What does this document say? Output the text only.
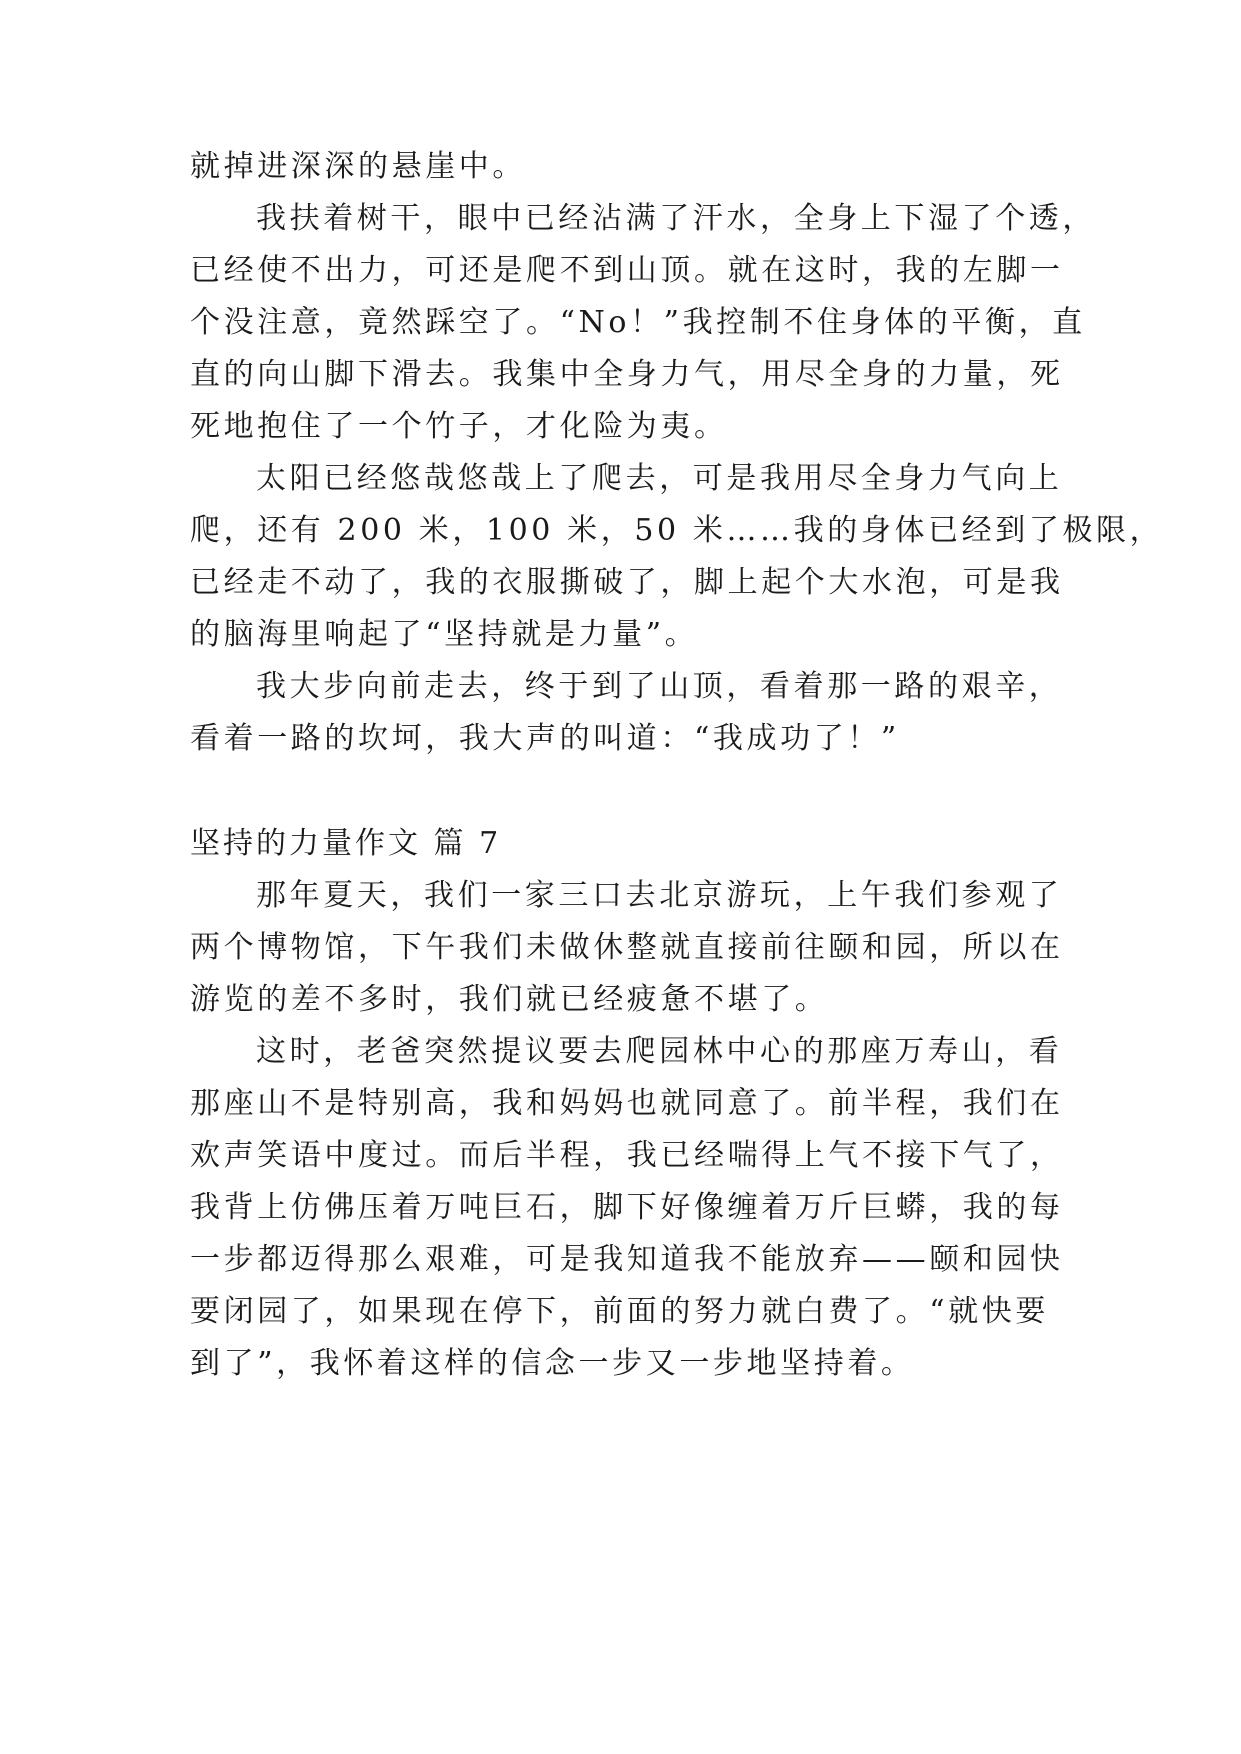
就掉进深深的悬崖中。
我扶着树干，眼中已经沾满了汗水，全身上下湿了个透，
已经使不出力，可还是爬不到山顶。就在这时，我的左脚一
个没注意，竟然踩空了。“No！”我控制不住身体的平衡，直
直的向山脚下滑去。我集中全身力气，用尽全身的力量，死
死地抱住了一个竹子，才化险为夷。
太阳已经悠哉悠哉上了爬去，可是我用尽全身力气向上
爬，还有 200 米，100 米，50 米……我的身体已经到了极限，
已经走不动了，我的衣服撕破了，脚上起个大水泡，可是我
的脑海里响起了“坚持就是力量”。
我大步向前走去，终于到了山顶，看着那一路的艰辛，
看着一路的坎坷，我大声的叫道：“我成功了！”
坚持的力量作文 篇 7
那年夏天，我们一家三口去北京游玩，上午我们参观了
两个博物馆，下午我们未做休整就直接前往颐和园，所以在
游览的差不多时，我们就已经疲惫不堪了。
这时，老爸突然提议要去爬园林中心的那座万寿山，看
那座山不是特别高，我和妈妈也就同意了。前半程，我们在
欢声笑语中度过。而后半程，我已经喘得上气不接下气了，
我背上仿佛压着万吨巨石，脚下好像缠着万斤巨蟒，我的每
一步都迈得那么艰难，可是我知道我不能放弃——颐和园快
要闭园了，如果现在停下，前面的努力就白费了。“就快要
到了”，我怀着这样的信念一步又一步地坚持着。
